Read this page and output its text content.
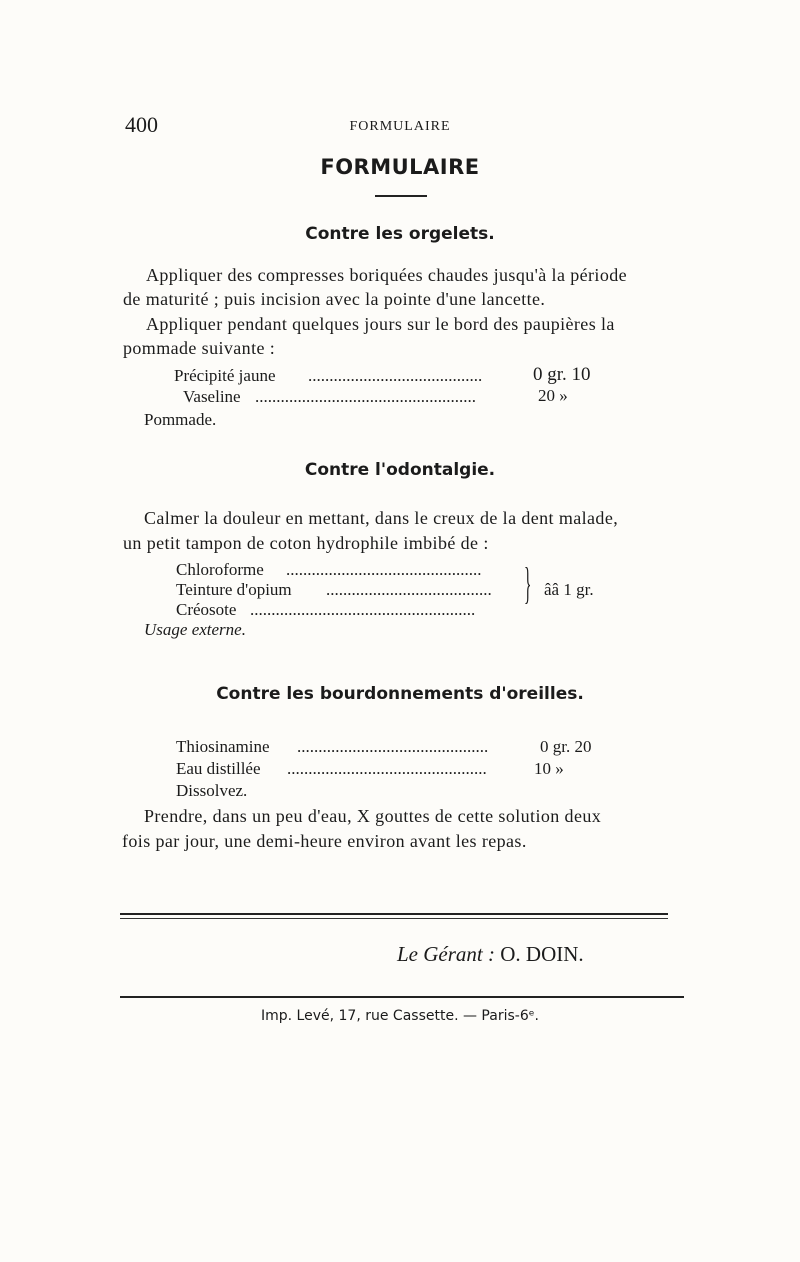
400	FORMULAIRE
FORMULAIRE
Contre les orgelets.
Appliquer des compresses boriquées chaudes jusqu'à la période
de maturité ; puis incision avec la pointe d'une lancette.
Appliquer pendant quelques jours sur le bord des paupières la
pommade suivante :
Précipité jaune .........................................	0 gr. 10
Vaseline ....................................................	20 »
Pommade.
Contre l'odontalgie.
Calmer la douleur en mettant, dans le creux de la dent malade,
un petit tampon de coton hydrophile imbibé de :
Chloroforme ..............................................
Teinture d'opium .......................................
Créosote .....................................................
} ââ 1 gr.
Usage externe.
Contre les bourdonnements d'oreilles.
Thiosinamine .............................................	0 gr. 20
Eau distillée ...............................................	10 »
Dissolvez.
Prendre, dans un peu d'eau, X gouttes de cette solution deux
fois par jour, une demi-heure environ avant les repas.
Le Gérant : O. DOIN.
Imp. Levé, 17, rue Cassette. — Paris-6ᵉ.
